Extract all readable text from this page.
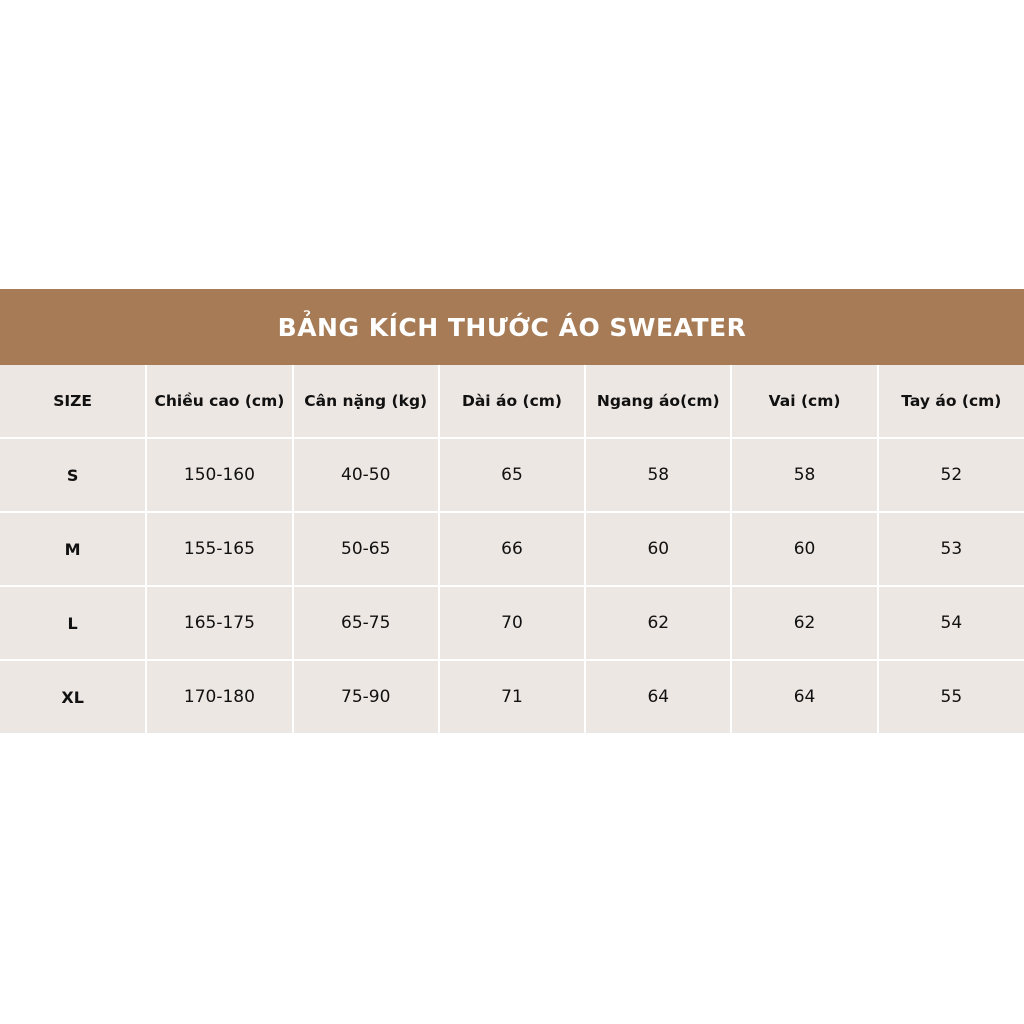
BẢNG KÍCH THƯỚC ÁO SWEATER
SIZE	Chiều cao (cm)	Cân nặng (kg)	Dài áo (cm)	Ngang áo(cm)	Vai (cm)	Tay áo (cm)
S	150-160	40-50	65	58	58	52
M	155-165	50-65	66	60	60	53
L	165-175	65-75	70	62	62	54
XL	170-180	75-90	71	64	64	55
